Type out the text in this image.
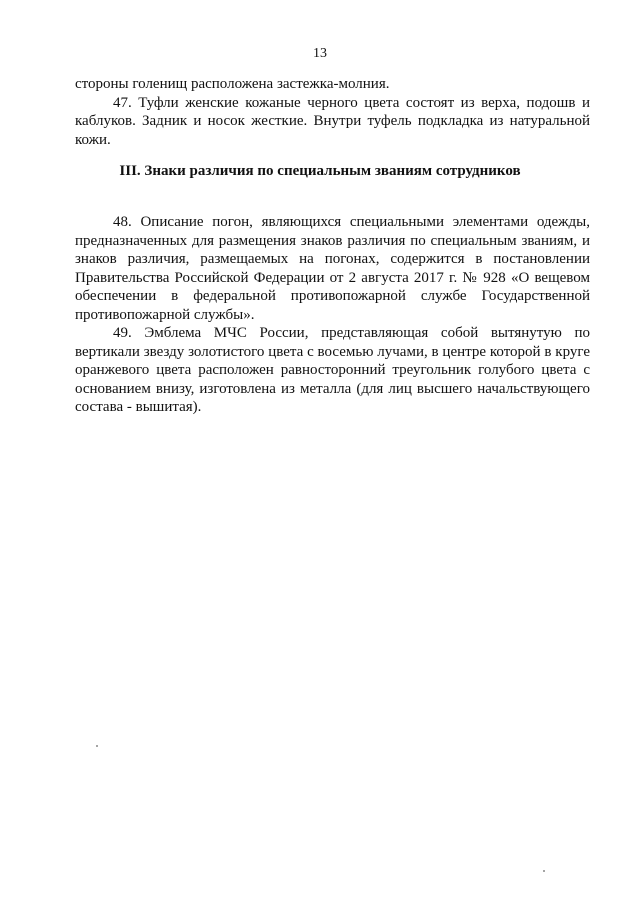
13

стороны голенищ расположена застежка-молния.

47. Туфли женские кожаные черного цвета состоят из верха, подошв и каблуков. Задник и носок жесткие. Внутри туфель подкладка из натуральной кожи.

III. Знаки различия по специальным званиям сотрудников

48. Описание погон, являющихся специальными элементами одежды, предназначенных для размещения знаков различия по специальным званиям, и знаков различия, размещаемых на погонах, содержится в постановлении Правительства Российской Федерации от 2 августа 2017 г. № 928 «О вещевом обеспечении в федеральной противопожарной службе Государственной противопожарной службы».

49. Эмблема МЧС России, представляющая собой вытянутую по вертикали звезду золотистого цвета с восемью лучами, в центре которой в круге оранжевого цвета расположен равносторонний треугольник голубого цвета с основанием внизу, изготовлена из металла (для лиц высшего начальствующего состава - вышитая).
